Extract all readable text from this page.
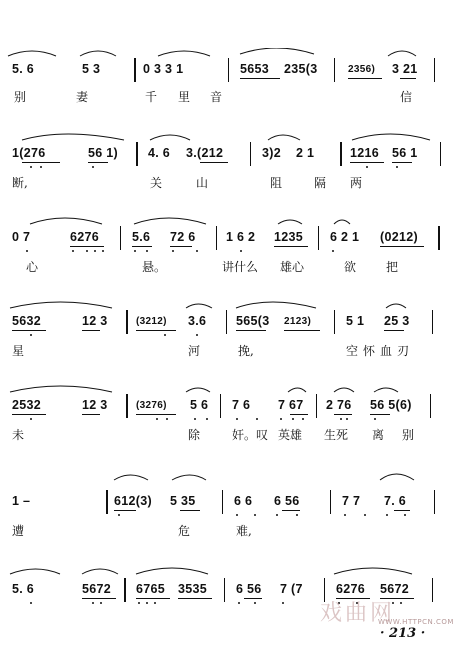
5. 6	5 3	0 3 3 1	5653 235(3	2356) 3 21
别	妻	千 里 音	信
1(276	56 1) 4. 6 3.(212	3)2 2 1	1216 56 1
断,	关	山	阻	隔 两
0 7	6276	5.6 72 6 1 6 2 1235 6 2 1 (0212)
心	悬。	讲什么 雄心	欲 把
5632	12 3	(3212) 3.6 565(3 2123)	5 1 25 3
星	河	挽,	空怀血刃
2532	12 3	(3276) 5 6 7 6 7 67 2 76 56 5(6)
未	除	奸。叹 英雄 生死 离 别
1 –	612(3) 5 35	6 6 6 56	7 7 7. 6
遭	危	难,
5. 6	5672 6765 3535 6 56 7 (7	6276 5672
戏曲网
WWW.HTTPCN.COM
· 213 ·
